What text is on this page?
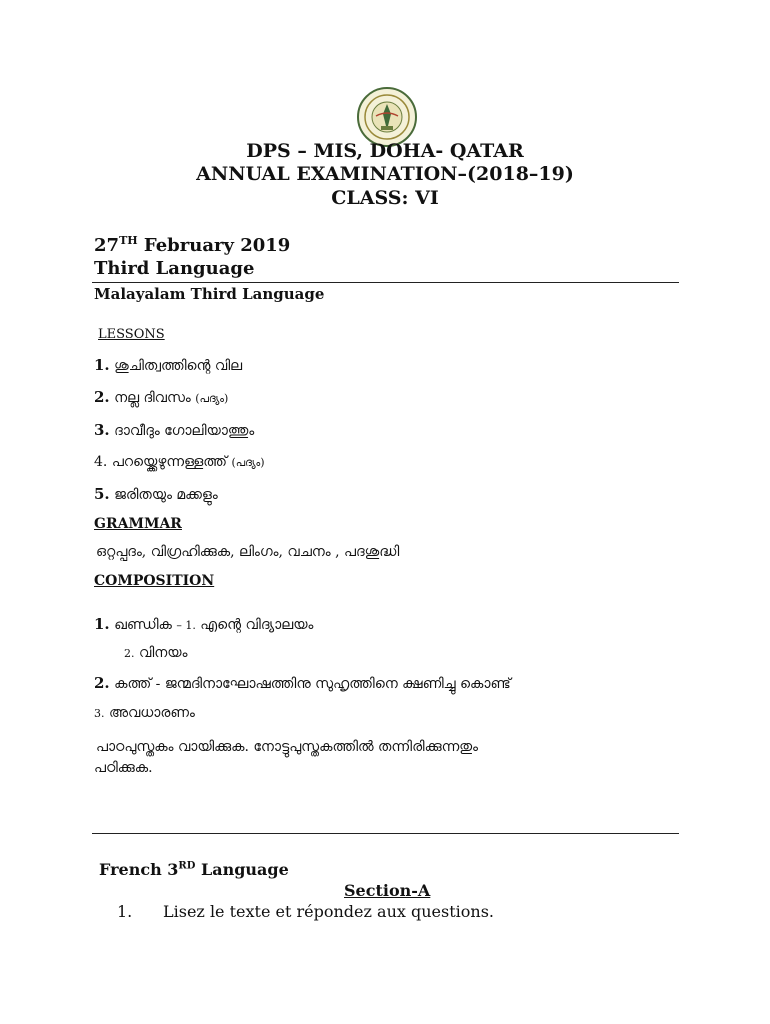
DPS – MIS, DOHA- QATAR
ANNUAL EXAMINATION–(2018–19)
CLASS: VI
27TH February 2019
Third Language
Malayalam Third Language
LESSONS
1. ശുചിത്വത്തിന്റെ വില
2. നല്ല ദിവസം (പദ്യം)
3. ദാവീദും ഗോലിയാത്തും
4. പറയ്ക്കെഴുന്നള്ളത്ത് (പദ്യം)
5. ജരിതയും മക്കളും
GRAMMAR
ഒറ്റപ്പദം, വിഗ്രഹിക്കുക, ലിംഗം, വചനം , പദശുദ്ധി
COMPOSITION
1. ഖണ്ഡിക – 1. എന്റെ വിദ്യാലയം
2. വിനയം
2. കത്ത് - ജന്മദിനാഘോഷത്തിനു സുഹൃത്തിനെ ക്ഷണിച്ചു കൊണ്ട്
3. അവധാരണം
പാഠപുസ്തകം വായിക്കുക. നോട്ടുപുസ്തകത്തിൽ തന്നിരിക്കുന്നതും
പഠിക്കുക.
French 3RD Language
Section-A
1. Lisez le texte et répondez aux questions.
